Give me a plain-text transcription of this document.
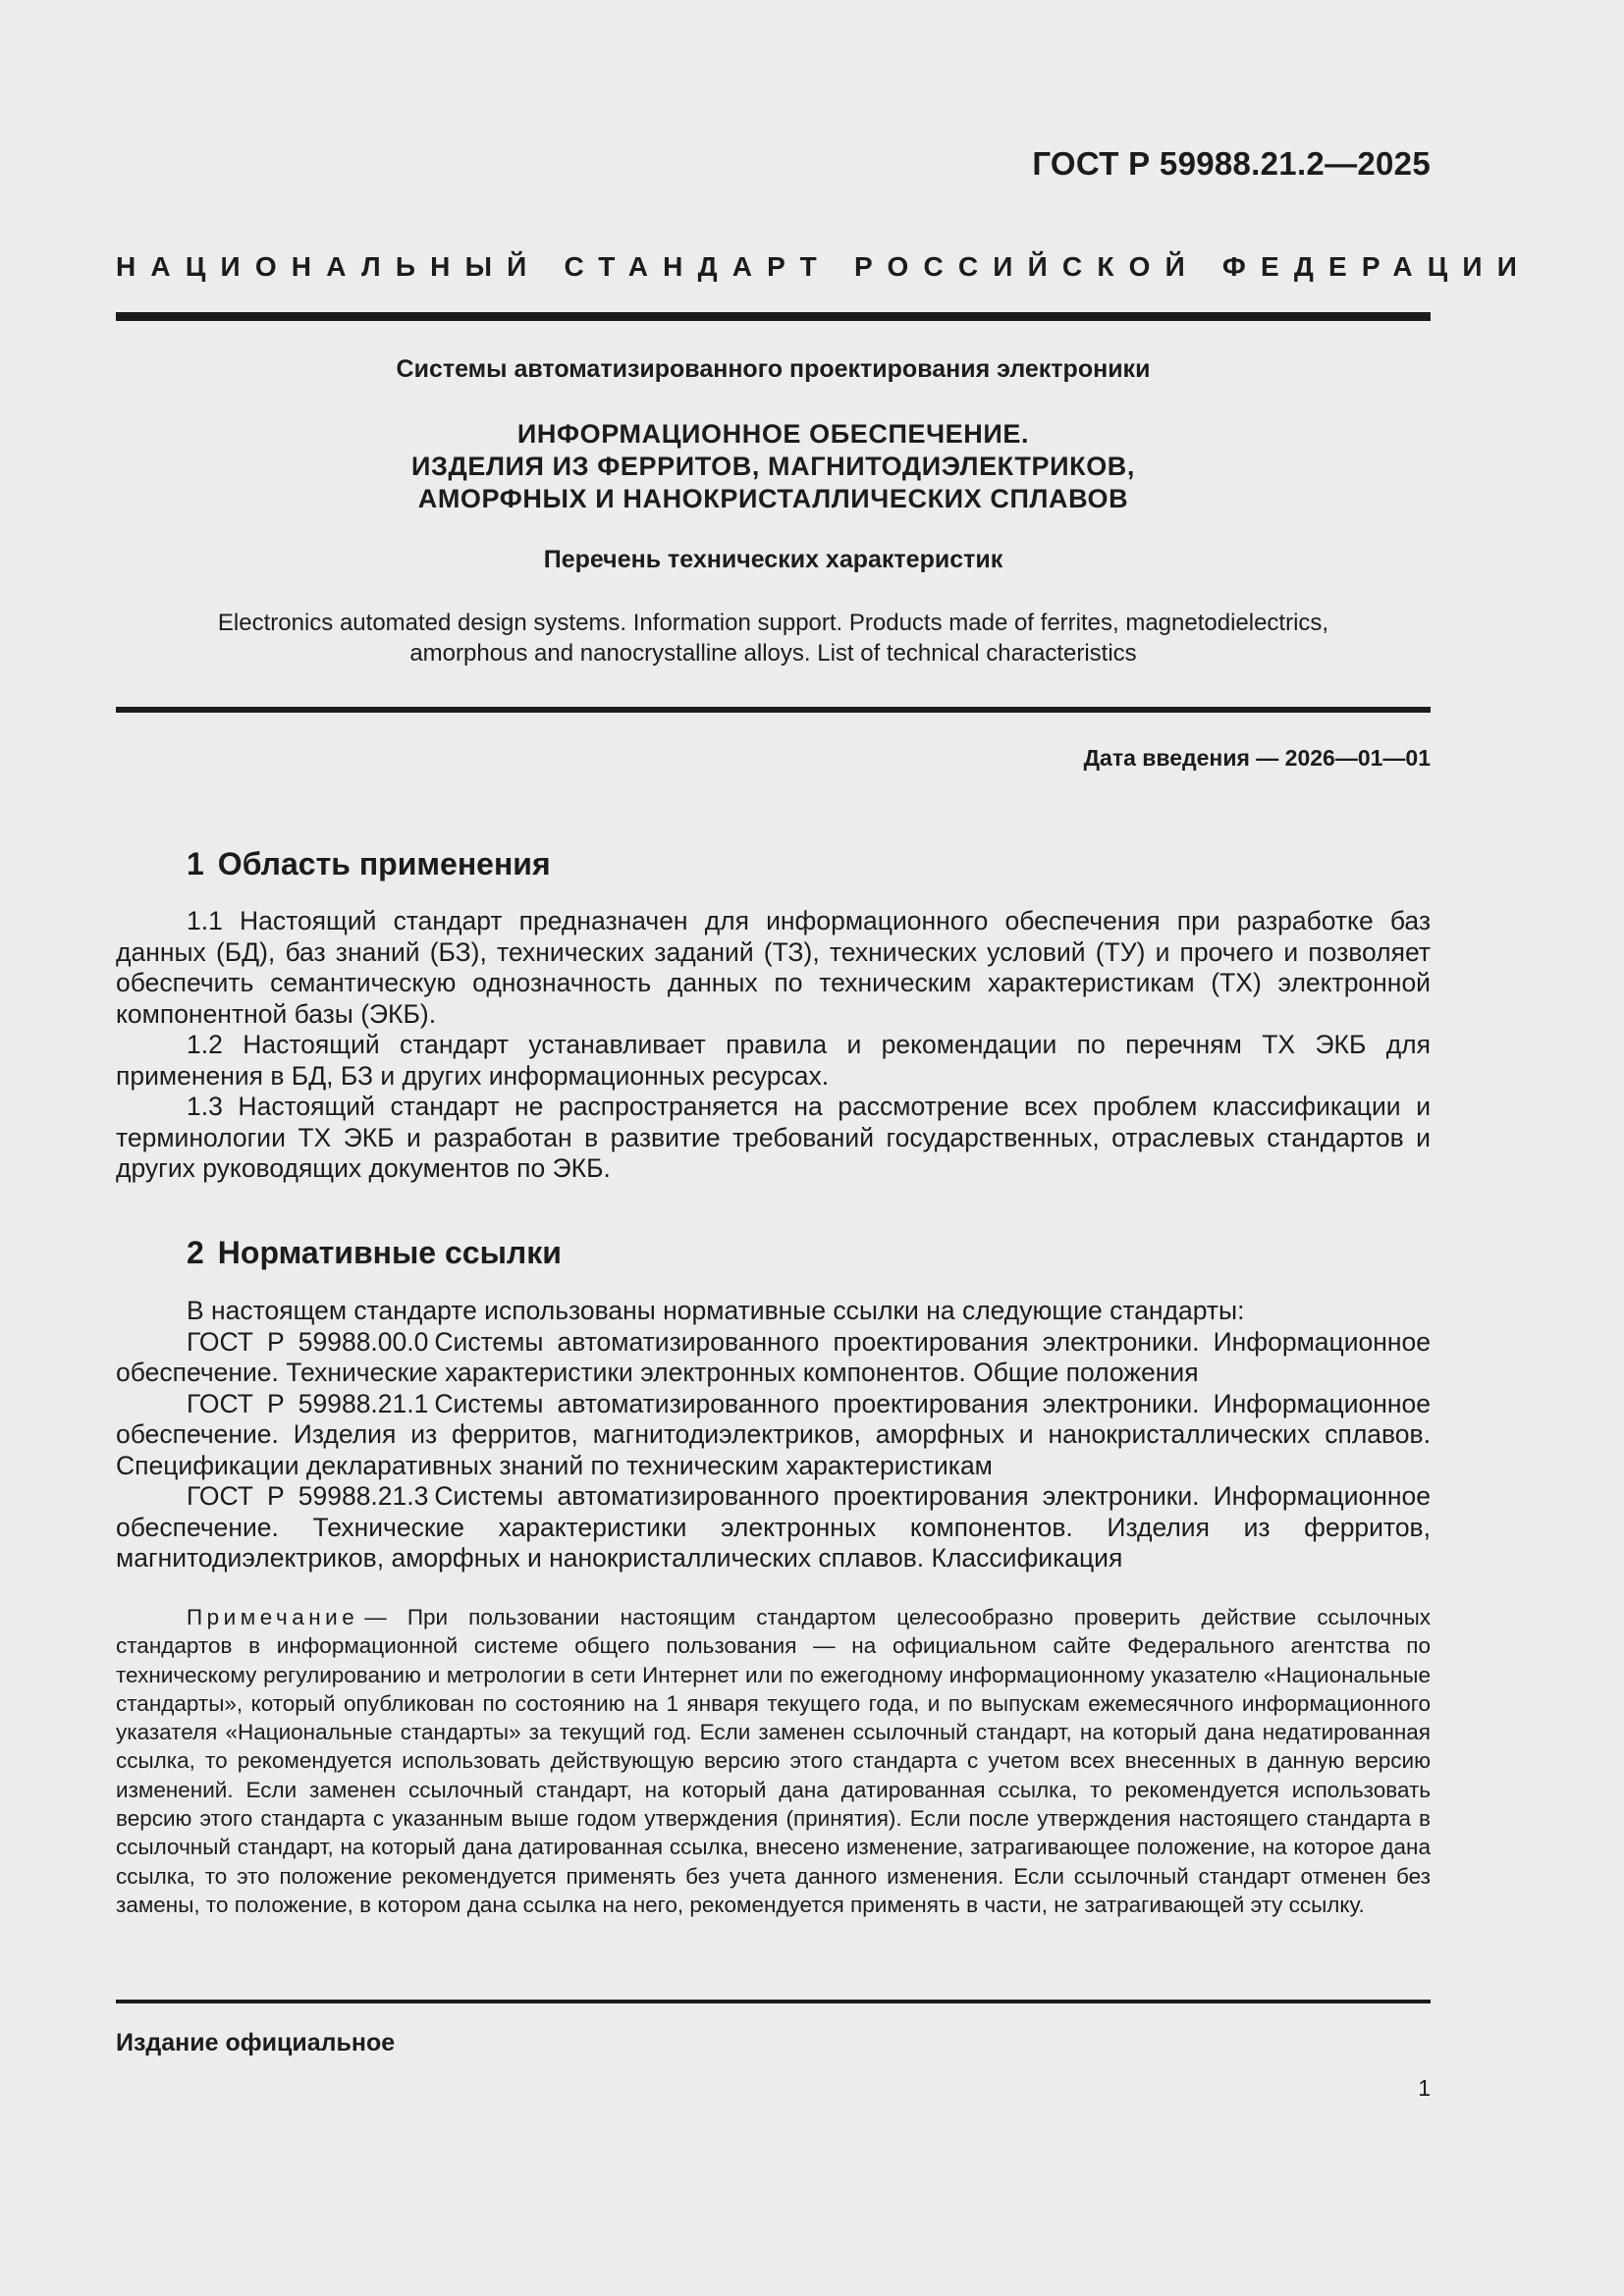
ГОСТ Р 59988.21.2—2025
НАЦИОНАЛЬНЫЙ СТАНДАРТ РОССИЙСКОЙ ФЕДЕРАЦИИ
Системы автоматизированного проектирования электроники
ИНФОРМАЦИОННОЕ ОБЕСПЕЧЕНИЕ.
ИЗДЕЛИЯ ИЗ ФЕРРИТОВ, МАГНИТОДИЭЛЕКТРИКОВ,
АМОРФНЫХ И НАНОКРИСТАЛЛИЧЕСКИХ СПЛАВОВ
Перечень технических характеристик
Electronics automated design systems. Information support. Products made of ferrites, magnetodielectrics,
amorphous and nanocrystalline alloys. List of technical characteristics
Дата введения — 2026—01—01
1 Область применения

1.1 Настоящий стандарт предназначен для информационного обеспечения при разработке баз данных (БД), баз знаний (БЗ), технических заданий (ТЗ), технических условий (ТУ) и прочего и позволяет обеспечить семантическую однозначность данных по техническим характеристикам (ТХ) электронной компонентной базы (ЭКБ).

1.2 Настоящий стандарт устанавливает правила и рекомендации по перечням ТХ ЭКБ для применения в БД, БЗ и других информационных ресурсах.

1.3 Настоящий стандарт не распространяется на рассмотрение всех проблем классификации и терминологии ТХ ЭКБ и разработан в развитие требований государственных, отраслевых стандартов и других руководящих документов по ЭКБ.

2 Нормативные ссылки

В настоящем стандарте использованы нормативные ссылки на следующие стандарты:

ГОСТ Р 59988.00.0 Системы автоматизированного проектирования электроники. Информационное обеспечение. Технические характеристики электронных компонентов. Общие положения

ГОСТ Р 59988.21.1 Системы автоматизированного проектирования электроники. Информационное обеспечение. Изделия из ферритов, магнитодиэлектриков, аморфных и нанокристаллических сплавов. Спецификации декларативных знаний по техническим характеристикам

ГОСТ Р 59988.21.3 Системы автоматизированного проектирования электроники. Информационное обеспечение. Технические характеристики электронных компонентов. Изделия из ферритов, магнитодиэлектриков, аморфных и нанокристаллических сплавов. Классификация

Примечание — При пользовании настоящим стандартом целесообразно проверить действие ссылочных стандартов в информационной системе общего пользования — на официальном сайте Федерального агентства по техническому регулированию и метрологии в сети Интернет или по ежегодному информационному указателю «Национальные стандарты», который опубликован по состоянию на 1 января текущего года, и по выпускам ежемесячного информационного указателя «Национальные стандарты» за текущий год. Если заменен ссылочный стандарт, на который дана недатированная ссылка, то рекомендуется использовать действующую версию этого стандарта с учетом всех внесенных в данную версию изменений. Если заменен ссылочный стандарт, на который дана датированная ссылка, то рекомендуется использовать версию этого стандарта с указанным выше годом утверждения (принятия). Если после утверждения настоящего стандарта в ссылочный стандарт, на который дана датированная ссылка, внесено изменение, затрагивающее положение, на которое дана ссылка, то это положение рекомендуется применять без учета данного изменения. Если ссылочный стандарт отменен без замены, то положение, в котором дана ссылка на него, рекомендуется применять в части, не затрагивающей эту ссылку.
Издание официальное
1
